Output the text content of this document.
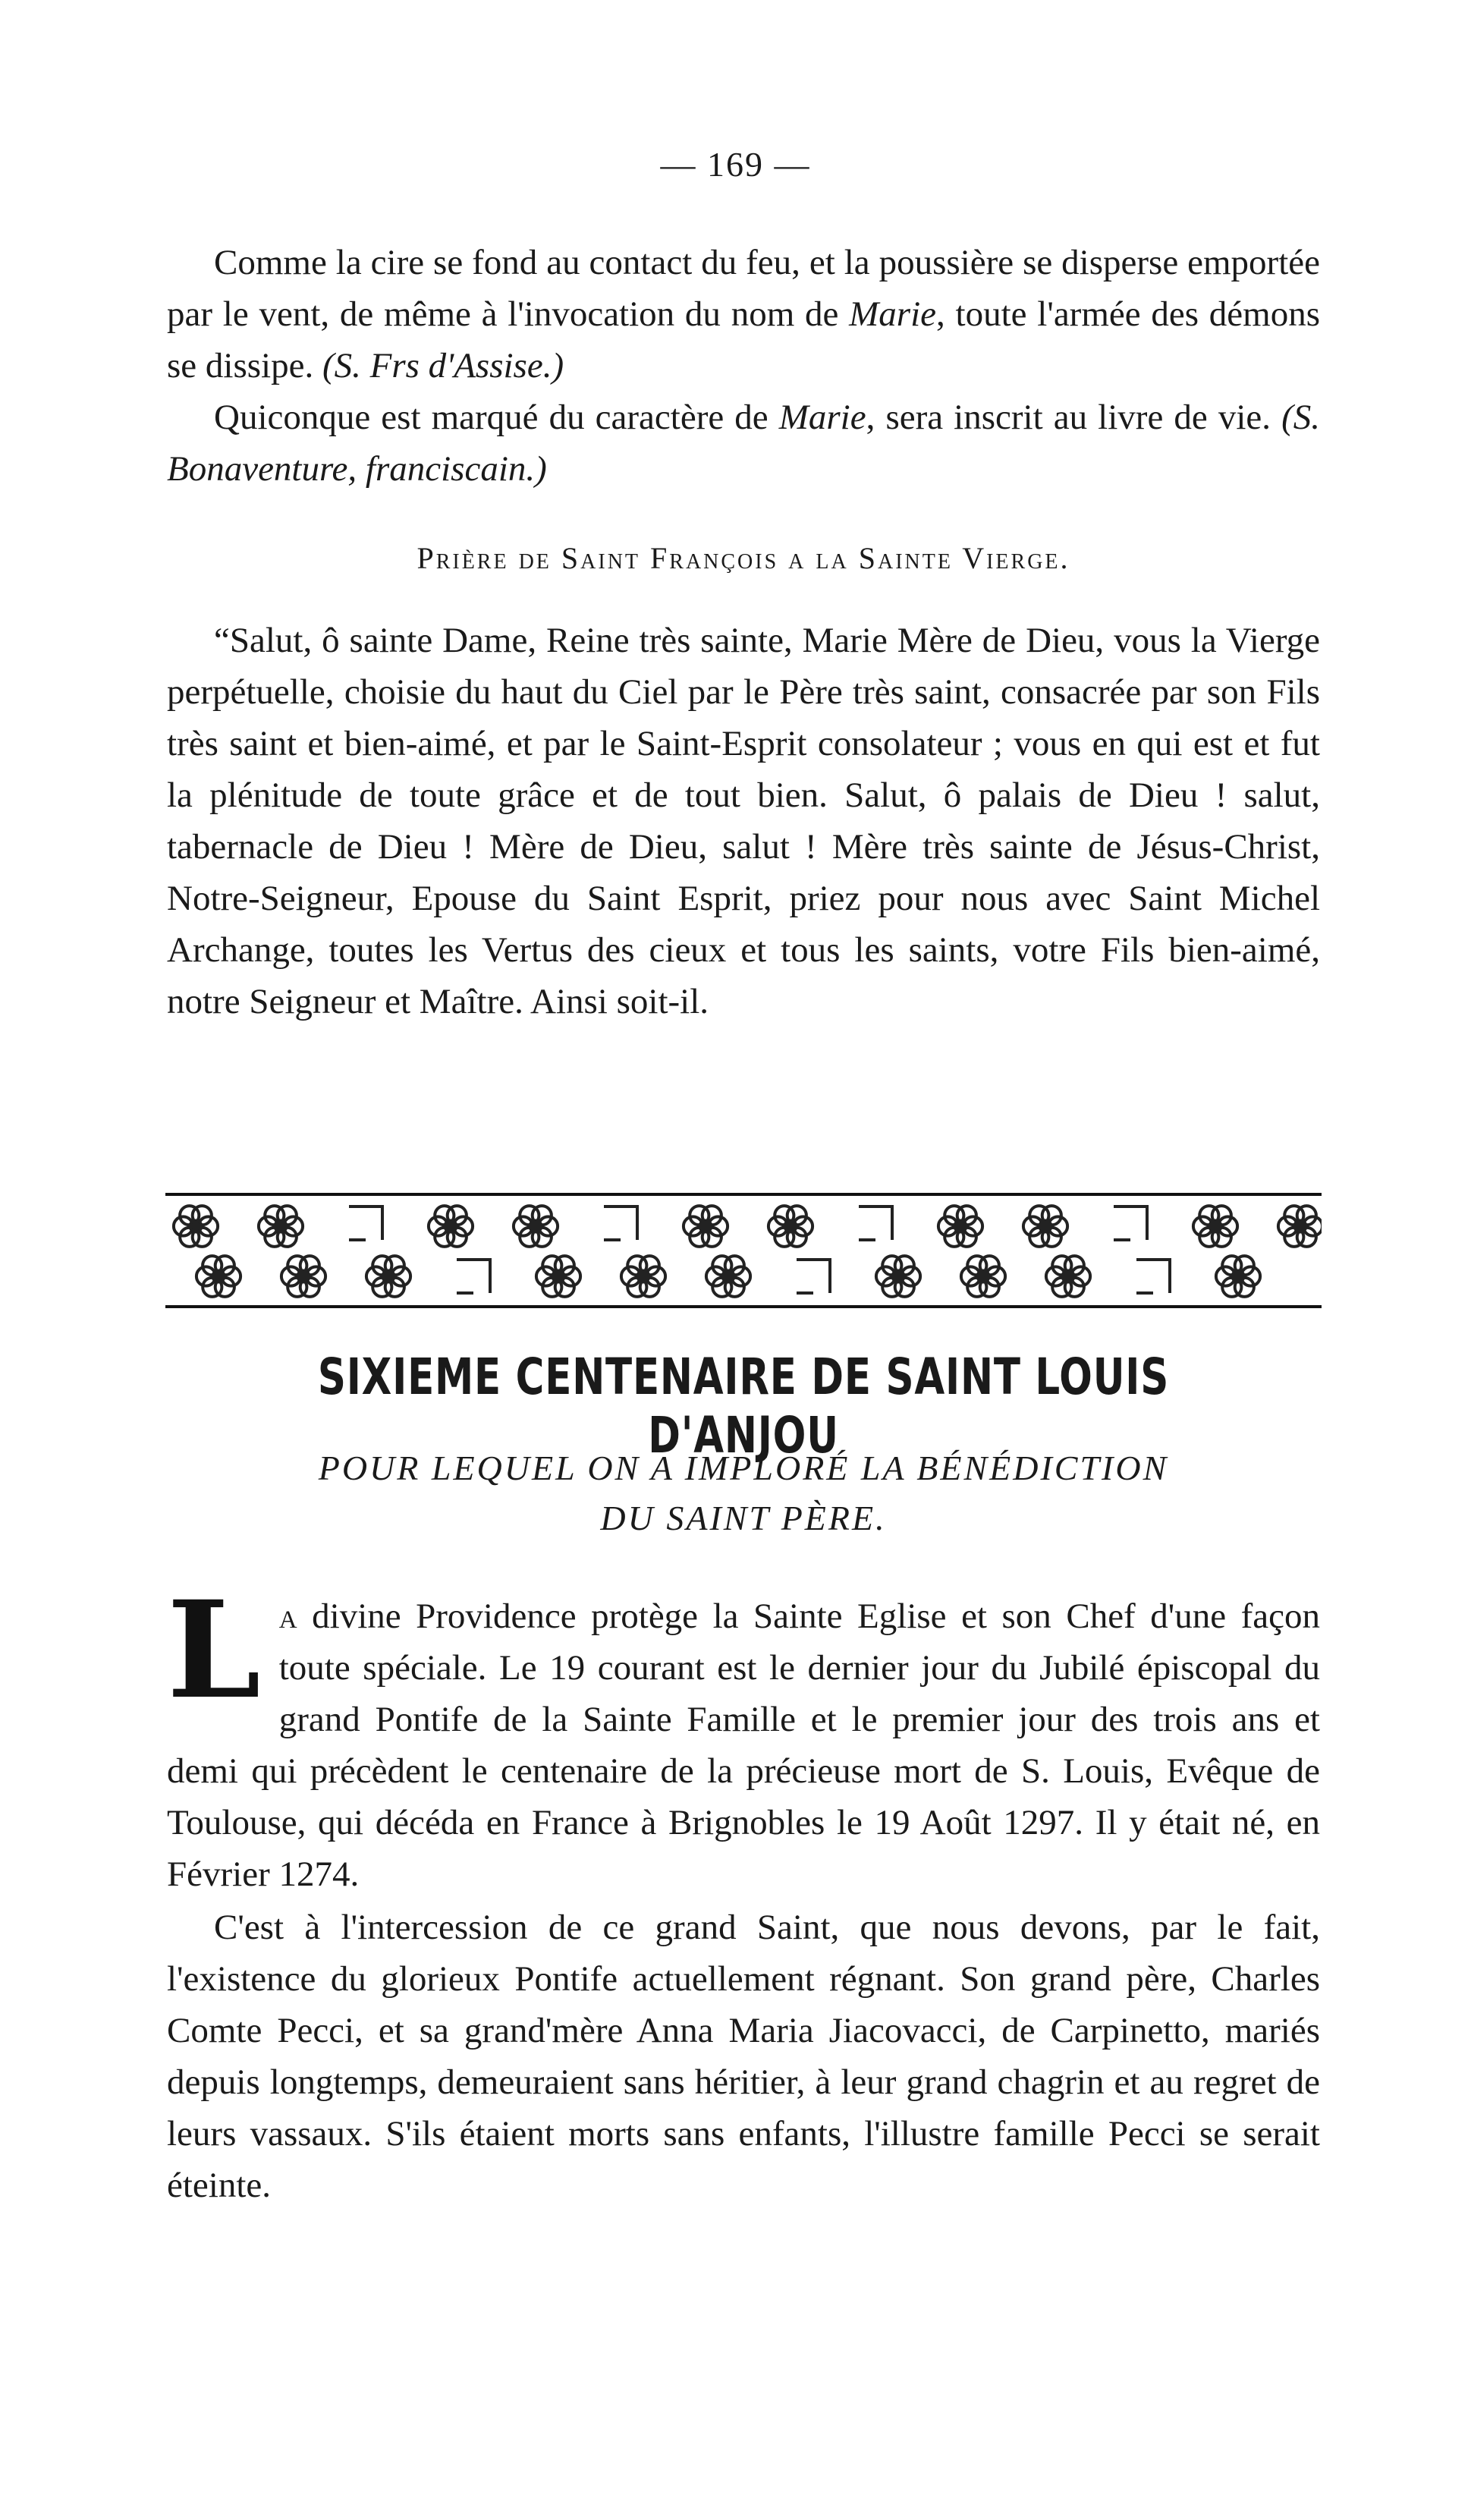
— 169 —

Comme la cire se fond au contact du feu, et la poussière se disperse emportée par le vent, de même à l'invocation du nom de Marie, toute l'armée des démons se dissipe. (S. Frs d'Assise.)

Quiconque est marqué du caractère de Marie, sera inscrit au livre de vie. (S. Bonaventure, franciscain.)

Prière de Saint François a la Sainte Vierge.

“Salut, ô sainte Dame, Reine très sainte, Marie Mère de Dieu, vous la Vierge perpétuelle, choisie du haut du Ciel par le Père très saint, consacrée par son Fils très saint et bien-aimé, et par le Saint-Esprit consolateur ; vous en qui est et fut la plénitude de toute grâce et de tout bien. Salut, ô palais de Dieu ! salut, tabernacle de Dieu ! Mère de Dieu, salut ! Mère très sainte de Jésus-Christ, Notre-Seigneur, Epouse du Saint Esprit, priez pour nous avec Saint Michel Archange, toutes les Vertus des cieux et tous les saints, votre Fils bien-aimé, notre Seigneur et Maître. Ainsi soit-il.

SIXIEME CENTENAIRE DE SAINT LOUIS D'ANJOU
POUR LEQUEL ON A IMPLORÉ LA BÉNÉDICTION
DU SAINT PÈRE.

La divine Providence protège la Sainte Eglise et son Chef d'une façon toute spéciale. Le 19 courant est le dernier jour du Jubilé épiscopal du grand Pontife de la Sainte Famille et le premier jour des trois ans et demi qui précèdent le centenaire de la précieuse mort de S. Louis, Evêque de Toulouse, qui décéda en France à Brignobles le 19 Août 1297. Il y était né, en Février 1274.

C'est à l'intercession de ce grand Saint, que nous devons, par le fait, l'existence du glorieux Pontife actuellement régnant. Son grand père, Charles Comte Pecci, et sa grand'mère Anna Maria Jiacovacci, de Carpinetto, mariés depuis longtemps, demeuraient sans héritier, à leur grand chagrin et au regret de leurs vassaux. S'ils étaient morts sans enfants, l'illustre famille Pecci se serait éteinte.
